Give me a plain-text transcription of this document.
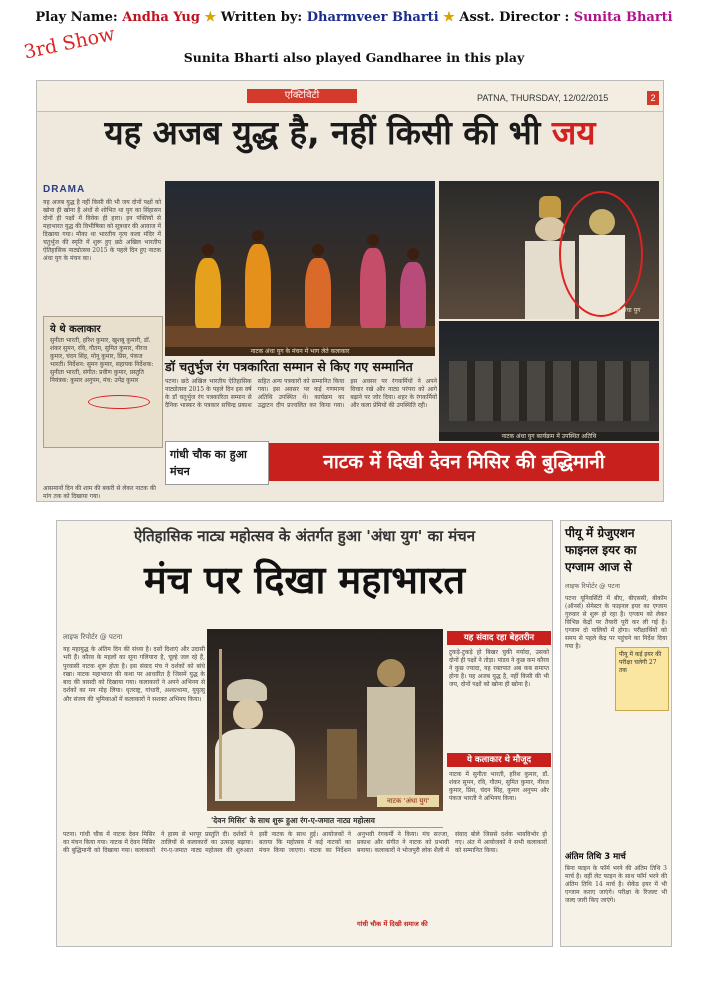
Play Name: Andha Yug ★ Written by: Dharmveer Bharti ★ Asst. Director : Sunita Bharti
3rd Show	Sunita Bharti also played Gandharee in this play
एक्टिविटी	PATNA, THURSDAY, 12/02/2015	2
यह अजब युद्ध है, नहीं किसी की भी जय
DRAMA

यह अजब युद्ध है नहीं किसी की भी जय दोनों पक्षों को खोना ही खोना है अंधों से शोभित था युग का सिंहासन दोनों ही पक्षों में विवेक ही हारा। इन पंक्तियों से महाभारत युद्ध की विभीषिका को सूत्रधार की आवाज में दिखाया गया। मौका था भारतीय नृत्य कला मंदिर में चतुर्भुज की स्मृति में शुरू हुए छठे अखिल भारतीय ऐतिहासिक नाट्योत्सव 2015 के पहले दिन हुए नाटक अंधा युग के मंचन का।

नाटक अंधा युग के मंचन में भाग लेते कलाकार
नाटक अंधा युग
नाटक अंधा युग कार्यक्रम में उपस्थित अतिथि
डॉ चतुर्भुज रंग पत्रकारिता सम्मान से किए गए सम्मानित
पटना। छठे अखिल भारतीय ऐतिहासिक नाट्योत्सव 2015 के पहले दिन इस वर्ष के डॉ चतुर्भुज रंग पत्रकारिता सम्मान से दैनिक भास्कर के पत्रकार सचिन्द्र प्रकाश सहित अन्य पत्रकारों को सम्मानित किया गया। इस अवसर पर कई गणमान्य अतिथि उपस्थित थे। कार्यक्रम का उद्घाटन दीप प्रज्वलित कर किया गया। इस अवसर पर रंगकर्मियों ने अपने विचार रखे और नाट्य परंपरा को आगे बढ़ाने पर जोर दिया। शहर के रंगकर्मियों और कला प्रेमियों की उपस्थिति रही।
ये थे कलाकार
सुनीता भारती, हरिश कुमार, खुशबू कुमारी, डॉ. शंकर सुमन, रवि, गौतम, सुमित कुमार, नीरज कुमार, चंदन सिंह, मोनू कुमार, प्रिंस, पंकज भारती। निर्देशन: सुमन कुमार, सहायक निर्देशक: सुनीता भारती, संगीत: प्रवीण कुमार, प्रस्तुति नियंत्रक: कुमार अनुपम, मंच: उपेंद्र कुमार
गांधी चौक का हुआ मंचन	नाटक में दिखी देवन मिसिर की बुद्धिमानी
आसमानों दिन की शाम की बकरी से लेकर नाटक की मांग तक को दिखाया गया।
ऐतिहासिक नाट्य महोत्सव के अंतर्गत हुआ 'अंधा युग' का मंचन
मंच पर दिखा महाभारत
लाइफ रिपोर्टर @ पटना
यह महायुद्ध के अंतिम दिन की संध्या है। दसों दिशाएं और उदासी भरी हैं। कौरव के महलों का सूना गलियारा है, चूल्हे जल रहे हैं, पुरवासी नाटक शुरू होता है। इस संवाद मंच ने दर्शकों को बांधे रखा। नाटक महाभारत की कथा पर आधारित है जिसमें युद्ध के बाद की त्रासदी को दिखाया गया। कलाकारों ने अपने अभिनय से दर्शकों का मन मोह लिया। धृतराष्ट्र, गांधारी, अश्वत्थामा, युयुत्सु और संजय की भूमिकाओं में कलाकारों ने सशक्त अभिनय किया।
नाटक 'अंधा युग'
यह संवाद रहा बेहतरीन
टुकड़े-टुकड़े हो बिखर चुकी मर्यादा, उसको दोनों ही पक्षों ने तोड़ा। पांडव ने कुछ कम कौरव ने कुछ ज्यादा, यह रक्तपात अब कब समाप्त होना है। यह अजब युद्ध है, नहीं किसी की भी जय, दोनों पक्षों को खोना ही खोना है।
ये कलाकार थे मौजूद
नाटक में सुनीता भारती, हरिश कुमार, डॉ. शंकर सुमन, रवि, गौतम, सुमित कुमार, नीरज कुमार, प्रिंस, चंदन सिंह, कुमार अनुपम और पंकज भारती ने अभिनय किया।
'देवन मिसिर' के साथ शुरू हुआ रंग-ए-जमात नाट्य महोत्सव
पटना। गांधी चौक में नाटक देवन मिसिर का मंचन किया गया। नाटक में देवन मिसिर की बुद्धिमानी को दिखाया गया। कलाकारों ने हास्य से भरपूर प्रस्तुति दी। दर्शकों ने तालियों से कलाकारों का उत्साह बढ़ाया। रंग-ए-जमात नाट्य महोत्सव की शुरुआत इसी नाटक के साथ हुई। आयोजकों ने बताया कि महोत्सव में कई नाटकों का मंचन किया जाएगा। नाटक का निर्देशन अनुभवी रंगकर्मी ने किया। मंच सज्जा, प्रकाश और संगीत ने नाटक को प्रभावी बनाया। कलाकारों ने भोजपुरी लोक शैली में संवाद बोले जिससे दर्शक भावविभोर हो गए। अंत में आयोजकों ने सभी कलाकारों को सम्मानित किया।
गांधी चौक में दिखी समाज की
पीयू में ग्रेजुएशन फाइनल इयर का एग्जाम आज से
लाइफ रिपोर्टर @ पटना
पटना यूनिवर्सिटी में बीए, बीएससी, बीकॉम (ऑनर्स) सेमेस्टर के फाइनल इयर का एग्जाम गुरुवार से शुरू हो रहा है। एग्जाम को लेकर विभिन्न केंद्रों पर तैयारी पूरी कर ली गई है। एग्जाम दो पालियों में होगा। परीक्षार्थियों को समय से पहले केंद्र पर पहुंचने का निर्देश दिया गया है।
पीयू में कई इयर की परीक्षा चलेगी 27 तक
अंतिम तिथि 3 मार्च
बिना फाइन के फॉर्म भरने की अंतिम तिथि 3 मार्च है। वहीं लेट फाइन के साथ फॉर्म भरने की अंतिम तिथि 14 मार्च है। सेकेंड इयर में भी एग्जाम कराए जाएंगे। परीक्षा के रिजल्ट भी जल्द जारी किए जाएंगे।
